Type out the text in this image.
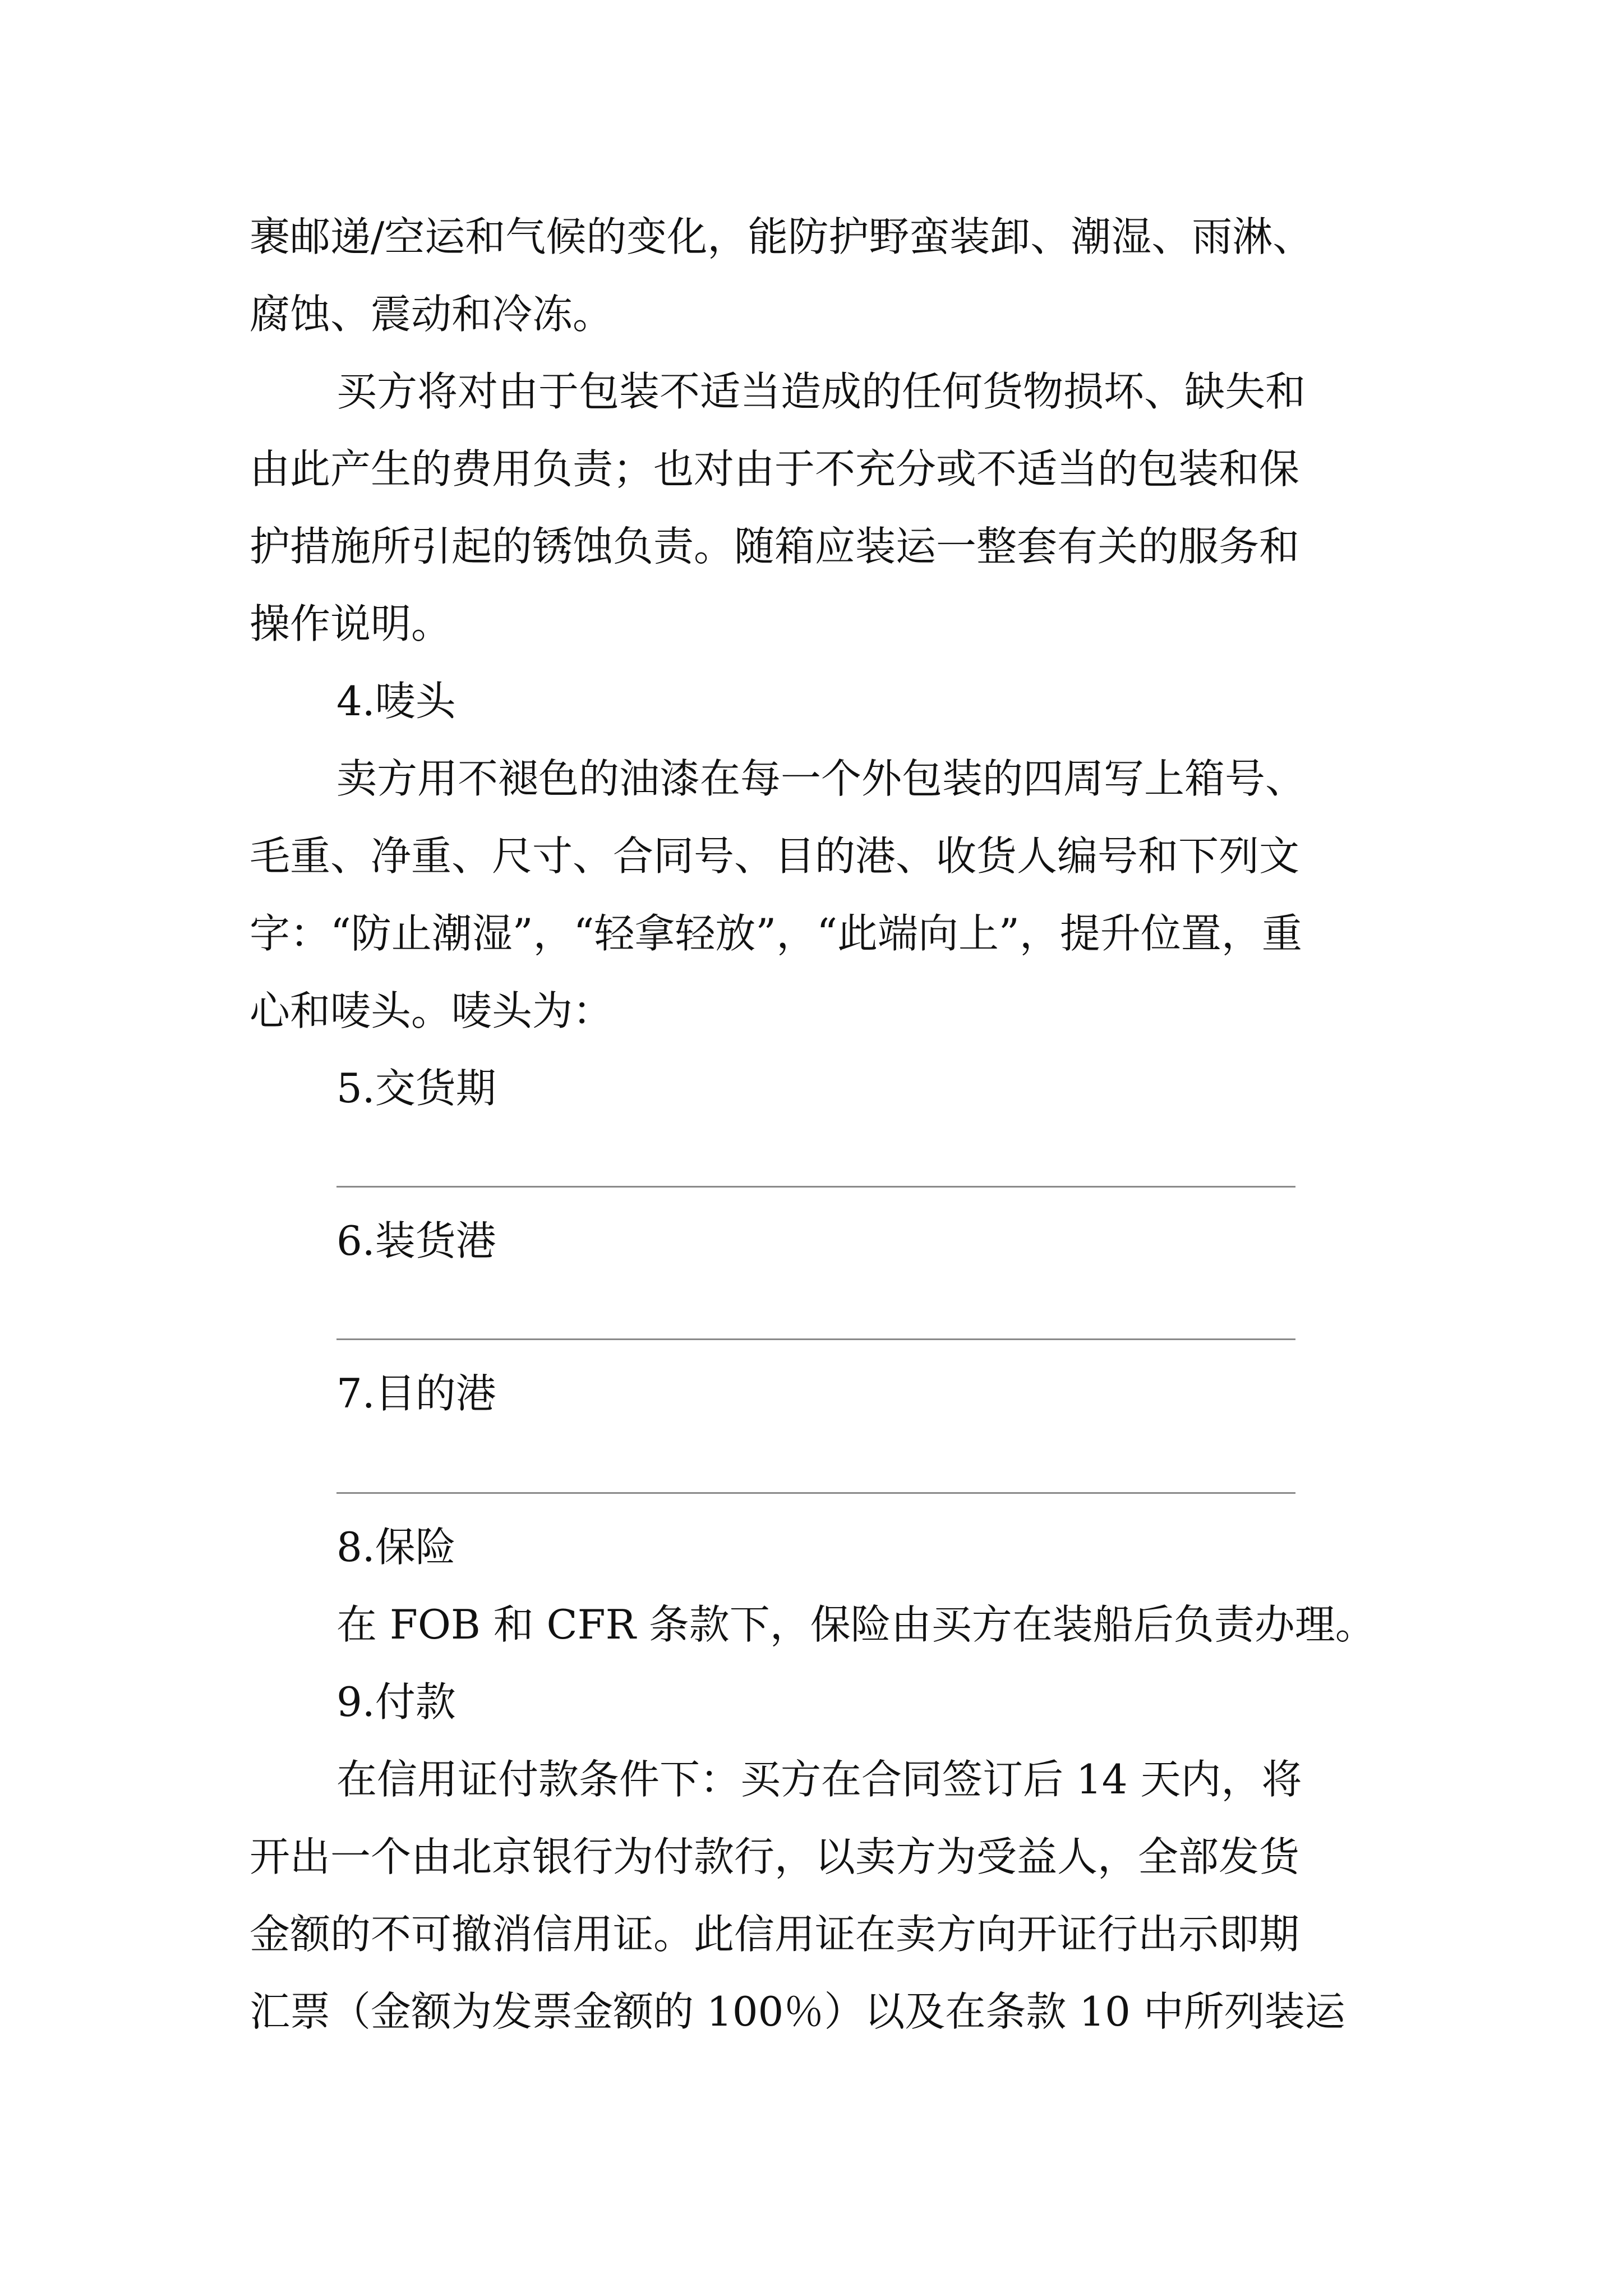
裹邮递/空运和气候的变化，能防护野蛮装卸、潮湿、雨淋、
腐蚀、震动和冷冻。
买方将对由于包装不适当造成的任何货物损坏、缺失和
由此产生的费用负责；也对由于不充分或不适当的包装和保
护措施所引起的锈蚀负责。随箱应装运一整套有关的服务和
操作说明。
4.唛头
卖方用不褪色的油漆在每一个外包装的四周写上箱号、
毛重、净重、尺寸、合同号、目的港、收货人编号和下列文
字：“防止潮湿”，“轻拿轻放”，“此端向上”，提升位置，重
心和唛头。唛头为：
5.交货期
6.装货港
7.目的港
8.保险
在 FOB 和 CFR 条款下，保险由买方在装船后负责办理。
9.付款
在信用证付款条件下：买方在合同签订后 14 天内，将
开出一个由北京银行为付款行，以卖方为受益人，全部发货
金额的不可撤消信用证。此信用证在卖方向开证行出示即期
汇票（金额为发票金额的 100％）以及在条款 10 中所列装运
